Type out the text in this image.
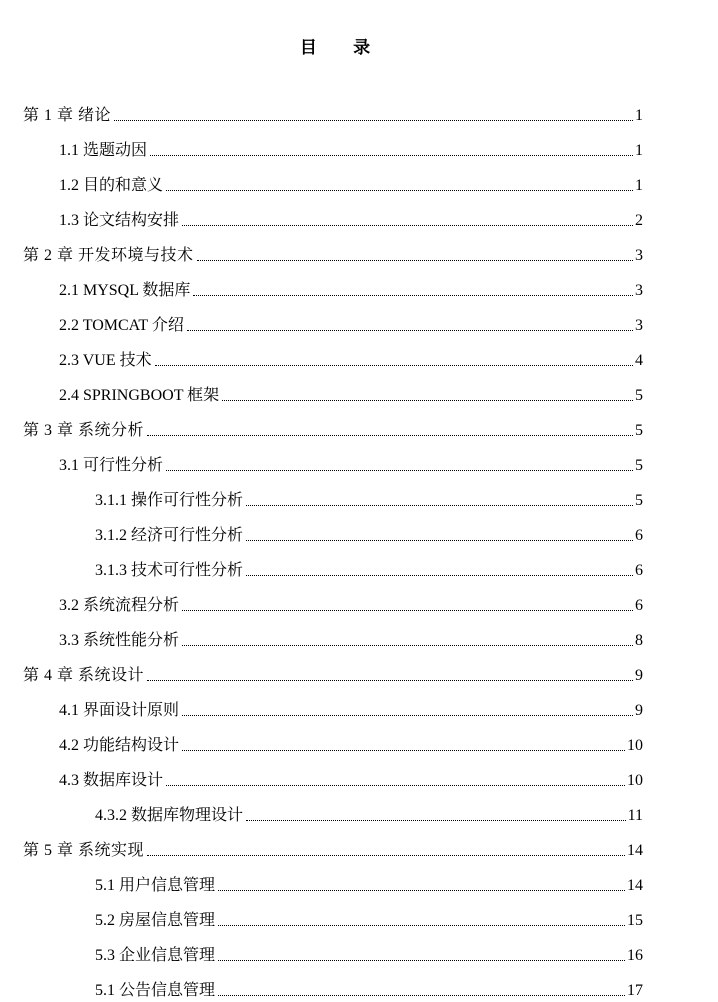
目 录
第 1 章 绪论	1
1.1 选题动因	1
1.2 目的和意义	1
1.3 论文结构安排	2
第 2 章 开发环境与技术	3
2.1 MYSQL 数据库	3
2.2 TOMCAT 介绍	3
2.3 VUE 技术	4
2.4 SPRINGBOOT 框架	5
第 3 章 系统分析	5
3.1 可行性分析	5
3.1.1 操作可行性分析	5
3.1.2 经济可行性分析	6
3.1.3 技术可行性分析	6
3.2 系统流程分析	6
3.3 系统性能分析	8
第 4 章 系统设计	9
4.1 界面设计原则	9
4.2 功能结构设计	10
4.3 数据库设计	10
4.3.2 数据库物理设计	11
第 5 章 系统实现	14
5.1 用户信息管理	14
5.2 房屋信息管理	15
5.3 企业信息管理	16
5.1 公告信息管理	17
